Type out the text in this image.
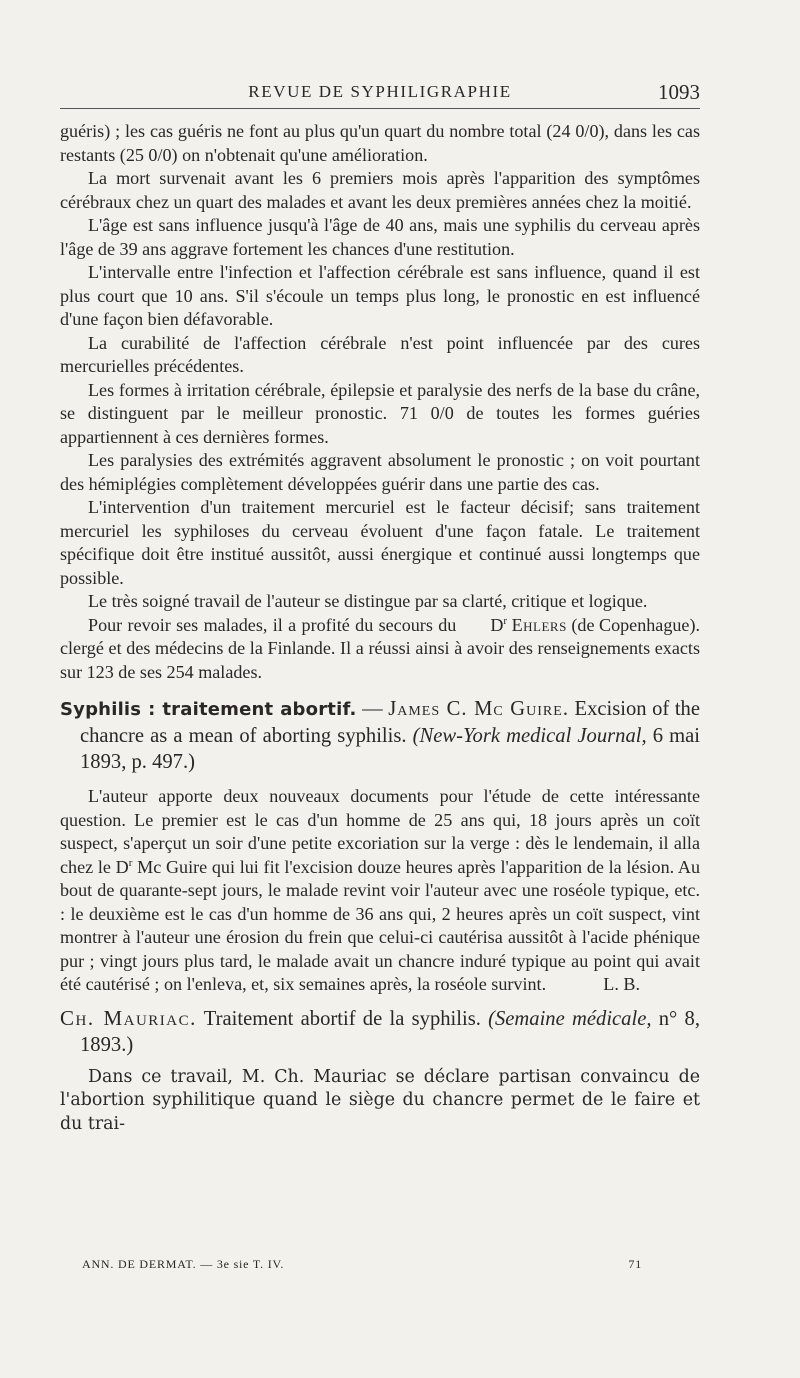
REVUE DE SYPHILIGRAPHIE	1093

guéris) ; les cas guéris ne font au plus qu'un quart du nombre total (24 0/0), dans les cas restants (25 0/0) on n'obtenait qu'une amélioration.

La mort survenait avant les 6 premiers mois après l'apparition des symptômes cérébraux chez un quart des malades et avant les deux premières années chez la moitié.

L'âge est sans influence jusqu'à l'âge de 40 ans, mais une syphilis du cerveau après l'âge de 39 ans aggrave fortement les chances d'une restitution.

L'intervalle entre l'infection et l'affection cérébrale est sans influence, quand il est plus court que 10 ans. S'il s'écoule un temps plus long, le pronostic en est influencé d'une façon bien défavorable.

La curabilité de l'affection cérébrale n'est point influencée par des cures mercurielles précédentes.

Les formes à irritation cérébrale, épilepsie et paralysie des nerfs de la base du crâne, se distinguent par le meilleur pronostic. 71 0/0 de toutes les formes guéries appartiennent à ces dernières formes.

Les paralysies des extrémités aggravent absolument le pronostic ; on voit pourtant des hémiplégies complètement développées guérir dans une partie des cas.

L'intervention d'un traitement mercuriel est le facteur décisif; sans traitement mercuriel les syphiloses du cerveau évoluent d'une façon fatale. Le traitement spécifique doit être institué aussitôt, aussi énergique et continué aussi longtemps que possible.

Le très soigné travail de l'auteur se distingue par sa clarté, critique et logique.

$D^r$ Ehlers (de Copenhague).
Pour revoir ses malades, il a profité du secours du clergé et des médecins de la Finlande. Il a réussi ainsi à avoir des renseignements exacts sur 123 de ses 254 malades.

Syphilis : traitement abortif. — James C. Mc Guire. Excision of the chancre as a mean of aborting syphilis. (New-York medical Journal, 6 mai 1893, p. 497.)

L'auteur apporte deux nouveaux documents pour l'étude de cette intéressante question. Le premier est le cas d'un homme de 25 ans qui, 18 jours après un coït suspect, s'aperçut un soir d'une petite excoriation sur la verge : dès le lendemain, il alla chez le $D^r$ Mc Guire qui lui fit l'excision douze heures après l'apparition de la lésion. Au bout de quarante-sept jours, le malade revint voir l'auteur avec une roséole typique, etc. : le deuxième est le cas d'un homme de 36 ans qui, 2 heures après un coït suspect, vint montrer à l'auteur une érosion du frein que celui-ci cautérisa aussitôt à l'acide phénique pur ; vingt jours plus tard, le malade avait un chancre induré typique au point qui avait été cautérisé ; on l'enleva, et, six semaines après, la roséole survint.	L. B.

Ch. Mauriac. Traitement abortif de la syphilis. (Semaine médicale, n° 8, 1893.)

Dans ce travail, M. Ch. Mauriac se déclare partisan convaincu de l'abortion syphilitique quand le siège du chancre permet de le faire et du trai-

ANN. DE DERMAT. — 3e sie T. IV.	71
